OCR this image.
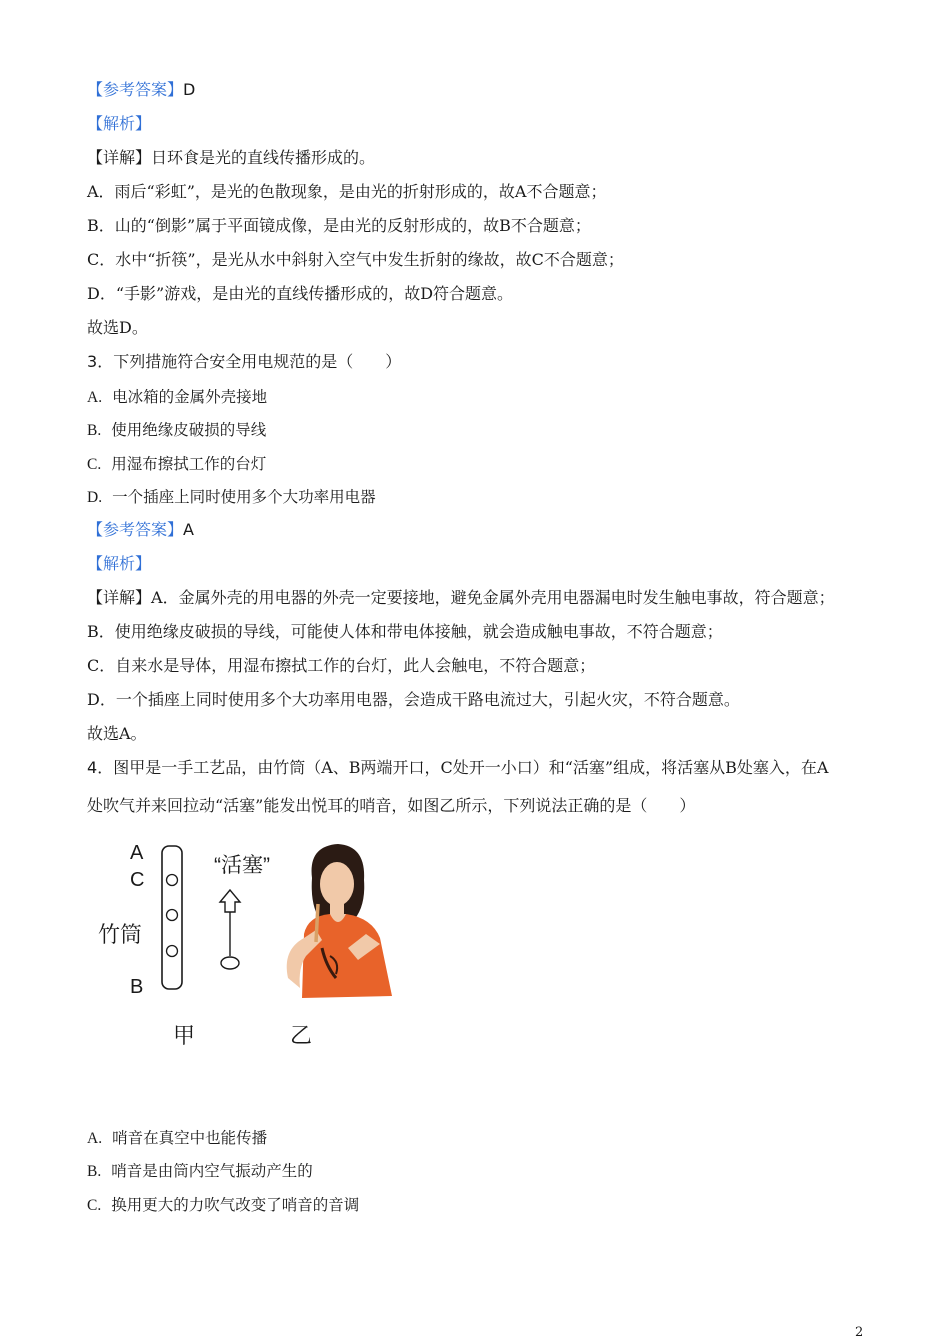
【参考答案】D
【解析】
【详解】日环食是光的直线传播形成的。
A．雨后“彩虹”，是光的色散现象，是由光的折射形成的，故A不合题意；
B．山的“倒影”属于平面镜成像，是由光的反射形成的，故B不合题意；
C．水中“折筷”，是光从水中斜射入空气中发生折射的缘故，故C不合题意；
D．“手影”游戏，是由光的直线传播形成的，故D符合题意。
故选D。
3．下列措施符合安全用电规范的是（　　）
A. 电冰箱的金属外壳接地
B. 使用绝缘皮破损的导线
C. 用湿布擦拭工作的台灯
D. 一个插座上同时使用多个大功率用电器
【参考答案】A
【解析】
【详解】A．金属外壳的用电器的外壳一定要接地，避免金属外壳用电器漏电时发生触电事故，符合题意；
B．使用绝缘皮破损的导线，可能使人体和带电体接触，就会造成触电事故，不符合题意；
C．自来水是导体，用湿布擦拭工作的台灯，此人会触电，不符合题意；
D．一个插座上同时使用多个大功率用电器，会造成干路电流过大，引起火灾，不符合题意。
故选A。
4．图甲是一手工艺品，由竹筒（A、B两端开口，C处开一小口）和“活塞”组成，将活塞从B处塞入，在A
处吹气并来回拉动“活塞”能发出悦耳的哨音，如图乙所示，下列说法正确的是（　　）
A
C
竹筒
B
“活塞”
甲	乙
A. 哨音在真空中也能传播
B. 哨音是由筒内空气振动产生的
C. 换用更大的力吹气改变了哨音的音调
2
